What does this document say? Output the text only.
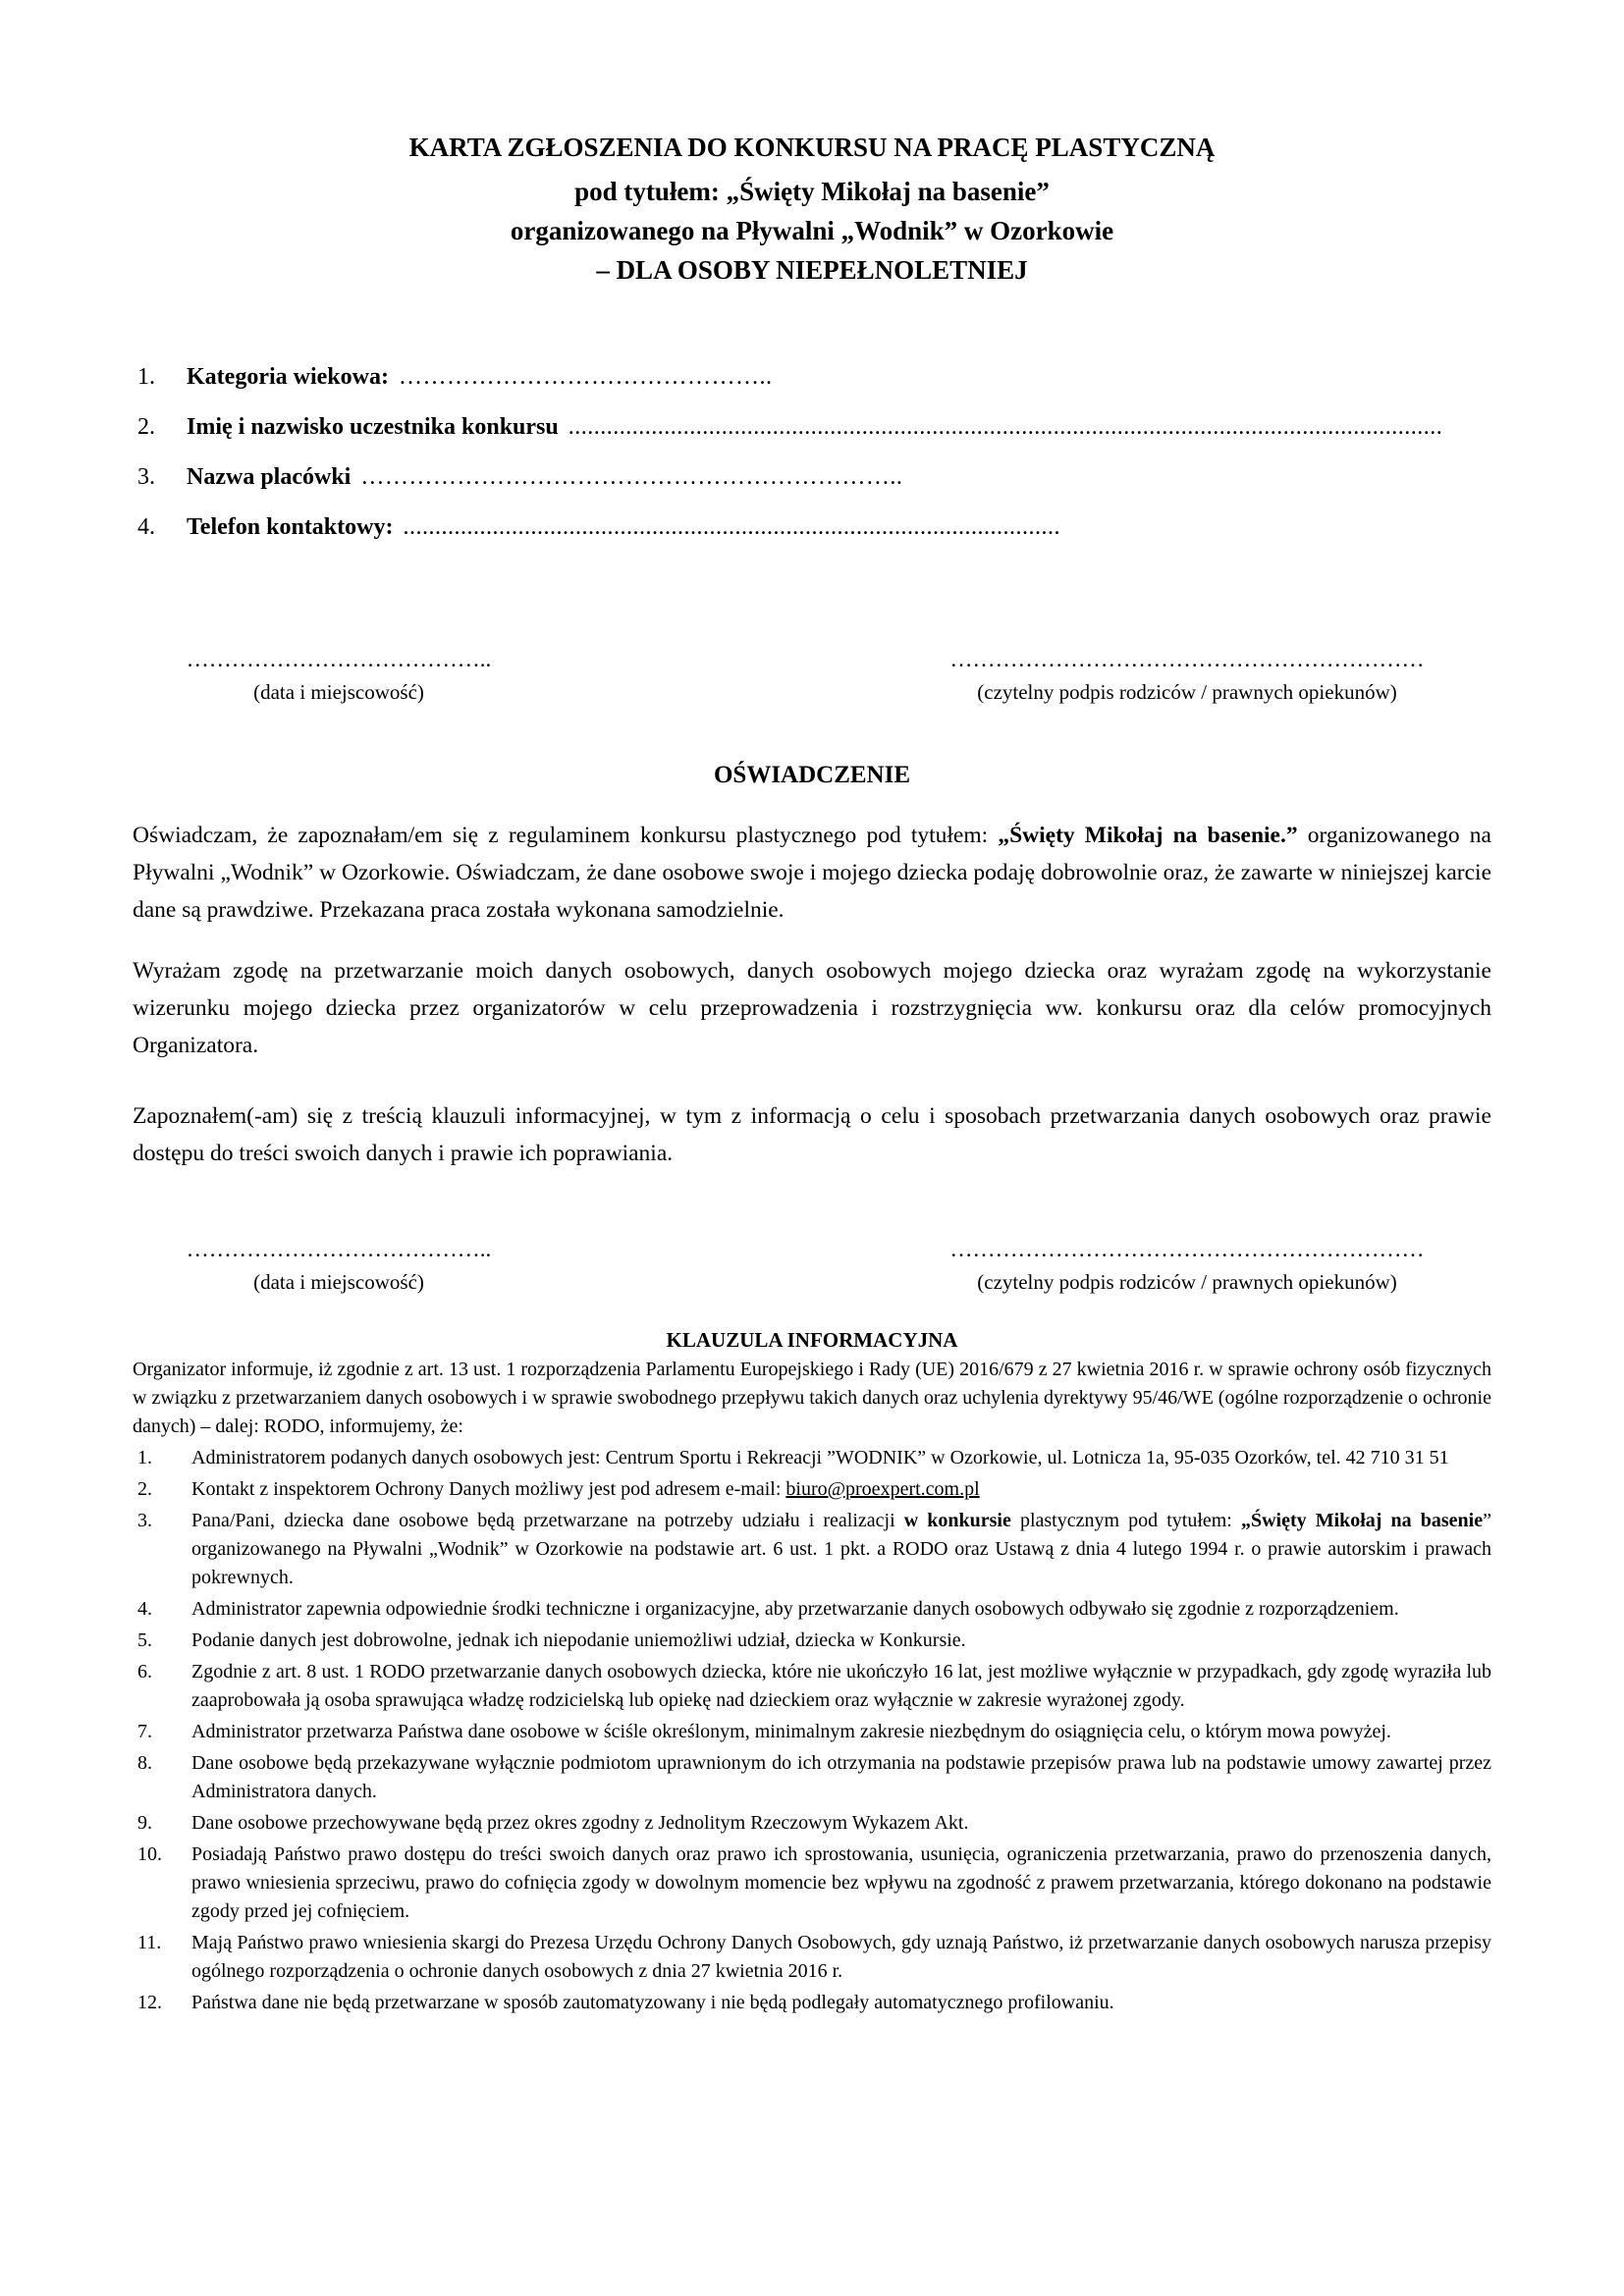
KARTA ZGŁOSZENIA DO KONKURSU NA PRACĘ PLASTYCZNĄ
pod tytułem: „Święty Mikołaj na basenie”
organizowanego na Pływalni „Wodnik” w Ozorkowie
– DLA OSOBY NIEPEŁNOLETNIEJ
1.	Kategoria wiekowa: ………………………………………..
2.	Imię i nazwisko uczestnika konkursu .........................................................................................................................................
3.	Nazwa placówki …………………………………………………………..
4.	Telefon kontaktowy: .......................................................................................................
…………………………………..
(data i miejscowość)
………………………………………………………
(czytelny podpis rodziców / prawnych opiekunów)
OŚWIADCZENIE

Oświadczam, że zapoznałam/em się z regulaminem konkursu plastycznego pod tytułem: „Święty Mikołaj na basenie.” organizowanego na Pływalni „Wodnik” w Ozorkowie. Oświadczam, że dane osobowe swoje i mojego dziecka podaję dobrowolnie oraz, że zawarte w niniejszej karcie dane są prawdziwe. Przekazana praca została wykonana samodzielnie.

Wyrażam zgodę na przetwarzanie moich danych osobowych, danych osobowych mojego dziecka oraz wyrażam zgodę na wykorzystanie wizerunku mojego dziecka przez organizatorów w celu przeprowadzenia i rozstrzygnięcia ww. konkursu oraz dla celów promocyjnych Organizatora.

Zapoznałem(-am) się z treścią klauzuli informacyjnej, w tym z informacją o celu i sposobach przetwarzania danych osobowych oraz prawie dostępu do treści swoich danych i prawie ich poprawiania.

…………………………………..
(data i miejscowość)
………………………………………………………
(czytelny podpis rodziców / prawnych opiekunów)
KLAUZULA INFORMACYJNA
Organizator informuje, iż zgodnie z art. 13 ust. 1 rozporządzenia Parlamentu Europejskiego i Rady (UE) 2016/679 z 27 kwietnia 2016 r. w sprawie ochrony osób fizycznych w związku z przetwarzaniem danych osobowych i w sprawie swobodnego przepływu takich danych oraz uchylenia dyrektywy 95/46/WE (ogólne rozporządzenie o ochronie danych) – dalej: RODO, informujemy, że:
1.	Administratorem podanych danych osobowych jest: Centrum Sportu i Rekreacji ”WODNIK” w Ozorkowie, ul. Lotnicza 1a, 95-035 Ozorków, tel. 42 710 31 51
2.	Kontakt z inspektorem Ochrony Danych możliwy jest pod adresem e-mail: biuro@proexpert.com.pl
3.	Pana/Pani, dziecka dane osobowe będą przetwarzane na potrzeby udziału i realizacji w konkursie plastycznym pod tytułem: „Święty Mikołaj na basenie” organizowanego na Pływalni „Wodnik” w Ozorkowie na podstawie art. 6 ust. 1 pkt. a RODO oraz Ustawą z dnia 4 lutego 1994 r. o prawie autorskim i prawach pokrewnych.
4.	Administrator zapewnia odpowiednie środki techniczne i organizacyjne, aby przetwarzanie danych osobowych odbywało się zgodnie z rozporządzeniem.
5.	Podanie danych jest dobrowolne, jednak ich niepodanie uniemożliwi udział, dziecka w Konkursie.
6.	Zgodnie z art. 8 ust. 1 RODO przetwarzanie danych osobowych dziecka, które nie ukończyło 16 lat, jest możliwe wyłącznie w przypadkach, gdy zgodę wyraziła lub zaaprobowała ją osoba sprawująca władzę rodzicielską lub opiekę nad dzieckiem oraz wyłącznie w zakresie wyrażonej zgody.
7.	Administrator przetwarza Państwa dane osobowe w ściśle określonym, minimalnym zakresie niezbędnym do osiągnięcia celu, o którym mowa powyżej.
8.	Dane osobowe będą przekazywane wyłącznie podmiotom uprawnionym do ich otrzymania na podstawie przepisów prawa lub na podstawie umowy zawartej przez Administratora danych.
9.	Dane osobowe przechowywane będą przez okres zgodny z Jednolitym Rzeczowym Wykazem Akt.
10.	Posiadają Państwo prawo dostępu do treści swoich danych oraz prawo ich sprostowania, usunięcia, ograniczenia przetwarzania, prawo do przenoszenia danych, prawo wniesienia sprzeciwu, prawo do cofnięcia zgody w dowolnym momencie bez wpływu na zgodność z prawem przetwarzania, którego dokonano na podstawie zgody przed jej cofnięciem.
11.	Mają Państwo prawo wniesienia skargi do Prezesa Urzędu Ochrony Danych Osobowych, gdy uznają Państwo, iż przetwarzanie danych osobowych narusza przepisy ogólnego rozporządzenia o ochronie danych osobowych z dnia 27 kwietnia 2016 r.
12.	Państwa dane nie będą przetwarzane w sposób zautomatyzowany i nie będą podlegały automatycznego profilowaniu.
